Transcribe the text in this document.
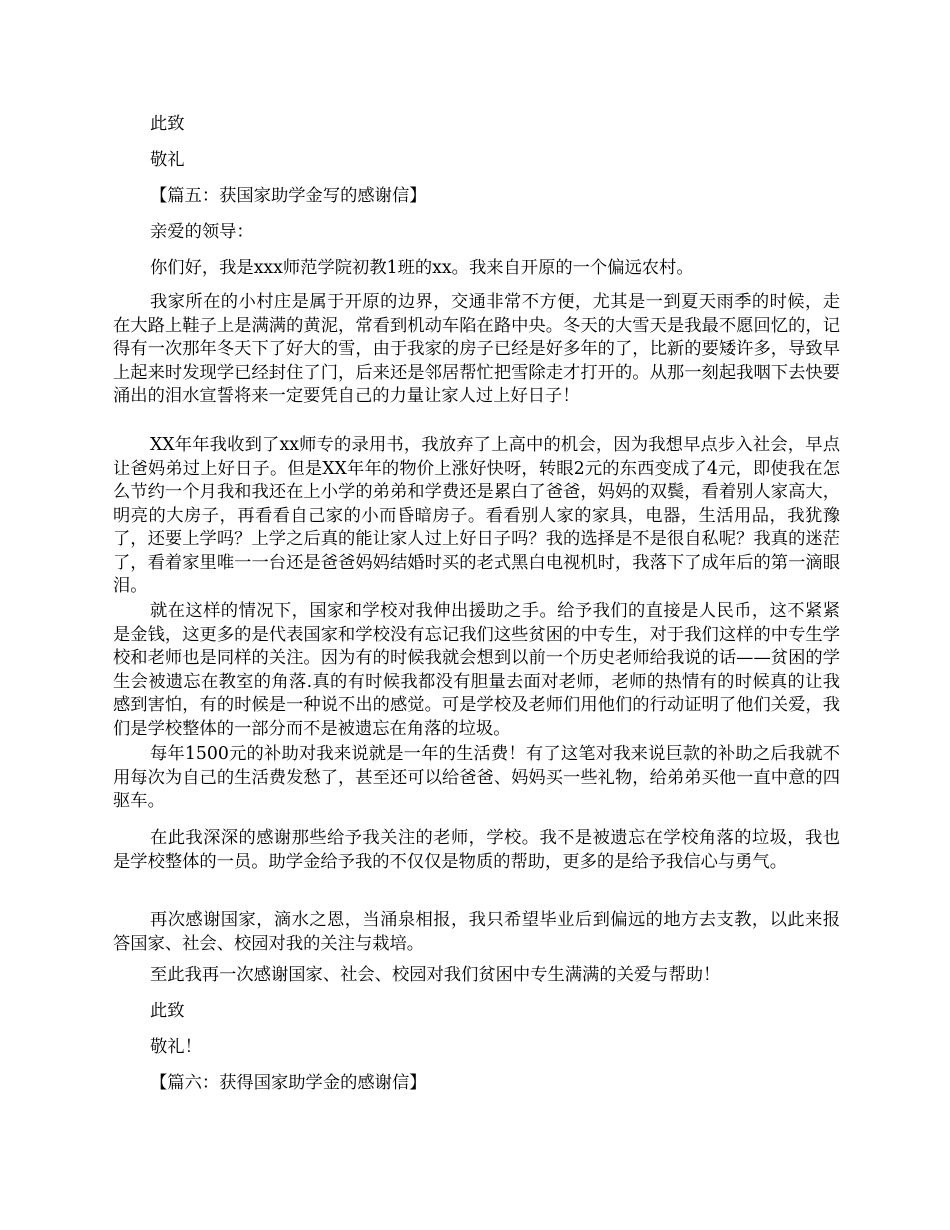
此致
敬礼
【篇五：获国家助学金写的感谢信】
亲爱的领导：
你们好，我是xxx师范学院初教1班的xx。我来自开原的一个偏远农村。

我家所在的小村庄是属于开原的边界，交通非常不方便，尤其是一到夏天雨季的时候，走在大路上鞋子上是满满的黄泥，常看到机动车陷在路中央。冬天的大雪天是我最不愿回忆的，记得有一次那年冬天下了好大的雪，由于我家的房子已经是好多年的了，比新的要矮许多，导致早上起来时发现学已经封住了门，后来还是邻居帮忙把雪除走才打开的。从那一刻起我咽下去快要涌出的泪水宣誓将来一定要凭自己的力量让家人过上好日子！

XX年年我收到了xx师专的录用书，我放弃了上高中的机会，因为我想早点步入社会，早点让爸妈弟过上好日子。但是XX年年的物价上涨好快呀，转眼2元的东西变成了4元，即使我在怎么节约一个月我和我还在上小学的弟弟和学费还是累白了爸爸，妈妈的双鬓，看着别人家高大，明亮的大房子，再看看自己家的小而昏暗房子。看看别人家的家具，电器，生活用品，我犹豫了，还要上学吗？上学之后真的能让家人过上好日子吗？我的选择是不是很自私呢？我真的迷茫了，看着家里唯一一台还是爸爸妈妈结婚时买的老式黑白电视机时，我落下了成年后的第一滴眼泪。

就在这样的情况下，国家和学校对我伸出援助之手。给予我们的直接是人民币，这不紧紧是金钱，这更多的是代表国家和学校没有忘记我们这些贫困的中专生，对于我们这样的中专生学校和老师也是同样的关注。因为有的时候我就会想到以前一个历史老师给我说的话——贫困的学生会被遗忘在教室的角落.真的有时候我都没有胆量去面对老师，老师的热情有的时候真的让我感到害怕，有的时候是一种说不出的感觉。可是学校及老师们用他们的行动证明了他们关爱，我们是学校整体的一部分而不是被遗忘在角落的垃圾。

每年1500元的补助对我来说就是一年的生活费！有了这笔对我来说巨款的补助之后我就不用每次为自己的生活费发愁了，甚至还可以给爸爸、妈妈买一些礼物，给弟弟买他一直中意的四驱车。

在此我深深的感谢那些给予我关注的老师，学校。我不是被遗忘在学校角落的垃圾，我也是学校整体的一员。助学金给予我的不仅仅是物质的帮助，更多的是给予我信心与勇气。

再次感谢国家，滴水之恩，当涌泉相报，我只希望毕业后到偏远的地方去支教，以此来报答国家、社会、校园对我的关注与栽培。

至此我再一次感谢国家、社会、校园对我们贫困中专生满满的关爱与帮助！
此致
敬礼！
【篇六：获得国家助学金的感谢信】
